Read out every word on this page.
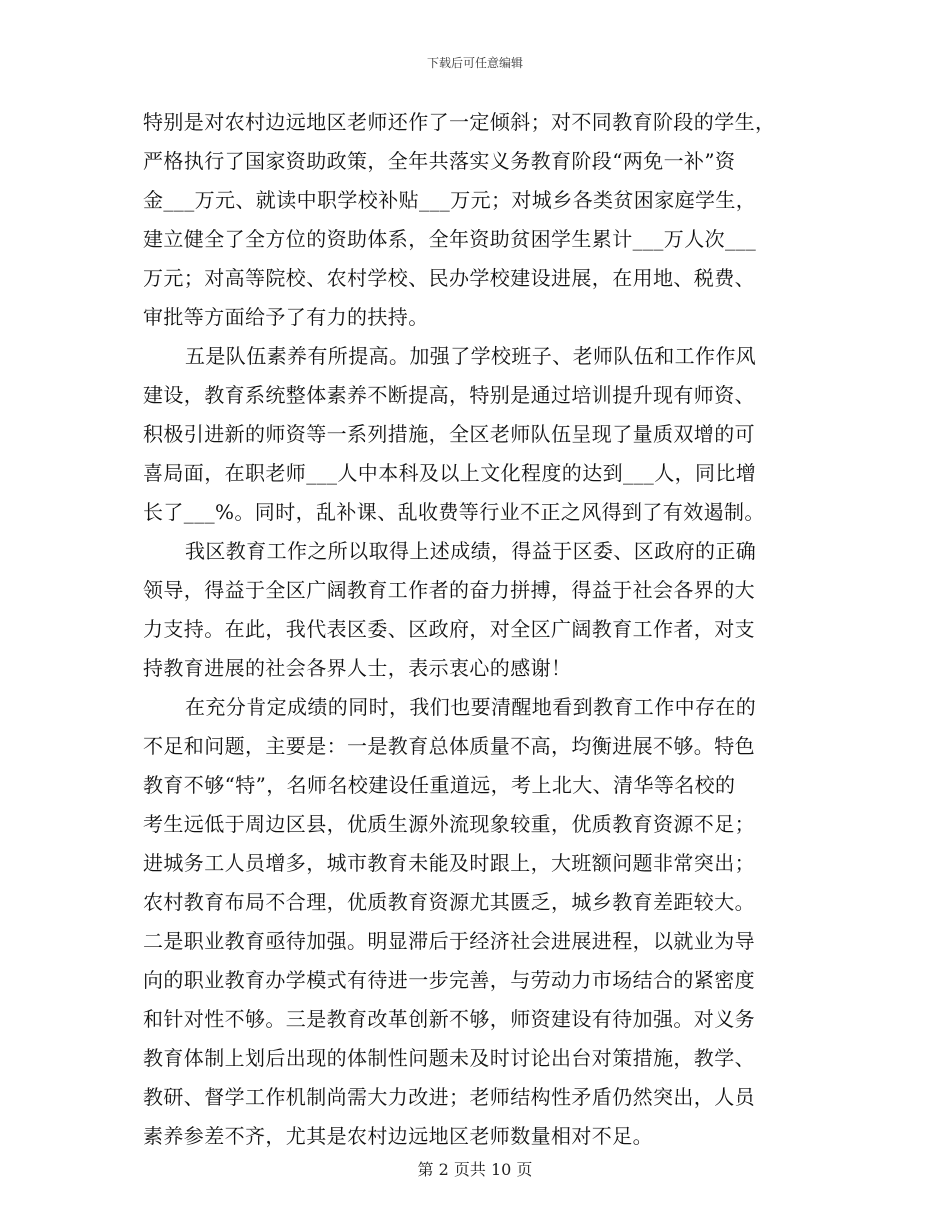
下载后可任意编辑
特别是对农村边远地区老师还作了一定倾斜；对不同教育阶段的学生，
严格执行了国家资助政策，全年共落实义务教育阶段“两免一补”资
金___万元、就读中职学校补贴___万元；对城乡各类贫困家庭学生，
建立健全了全方位的资助体系，全年资助贫困学生累计___万人次___
万元；对高等院校、农村学校、民办学校建设进展，在用地、税费、
审批等方面给予了有力的扶持。
五是队伍素养有所提高。加强了学校班子、老师队伍和工作作风
建设，教育系统整体素养不断提高，特别是通过培训提升现有师资、
积极引进新的师资等一系列措施，全区老师队伍呈现了量质双增的可
喜局面，在职老师___人中本科及以上文化程度的达到___人，同比增
长了___%。同时，乱补课、乱收费等行业不正之风得到了有效遏制。
我区教育工作之所以取得上述成绩，得益于区委、区政府的正确
领导，得益于全区广阔教育工作者的奋力拼搏，得益于社会各界的大
力支持。在此，我代表区委、区政府，对全区广阔教育工作者，对支
持教育进展的社会各界人士，表示衷心的感谢！
在充分肯定成绩的同时，我们也要清醒地看到教育工作中存在的
不足和问题，主要是：一是教育总体质量不高，均衡进展不够。特色
教育不够“特”，名师名校建设任重道远，考上北大、清华等名校的
考生远低于周边区县，优质生源外流现象较重，优质教育资源不足；
进城务工人员增多，城市教育未能及时跟上，大班额问题非常突出；
农村教育布局不合理，优质教育资源尤其匮乏，城乡教育差距较大。
二是职业教育亟待加强。明显滞后于经济社会进展进程，以就业为导
向的职业教育办学模式有待进一步完善，与劳动力市场结合的紧密度
和针对性不够。三是教育改革创新不够，师资建设有待加强。对义务
教育体制上划后出现的体制性问题未及时讨论出台对策措施，教学、
教研、督学工作机制尚需大力改进；老师结构性矛盾仍然突出，人员
素养参差不齐，尤其是农村边远地区老师数量相对不足。
第 2 页共 10 页
